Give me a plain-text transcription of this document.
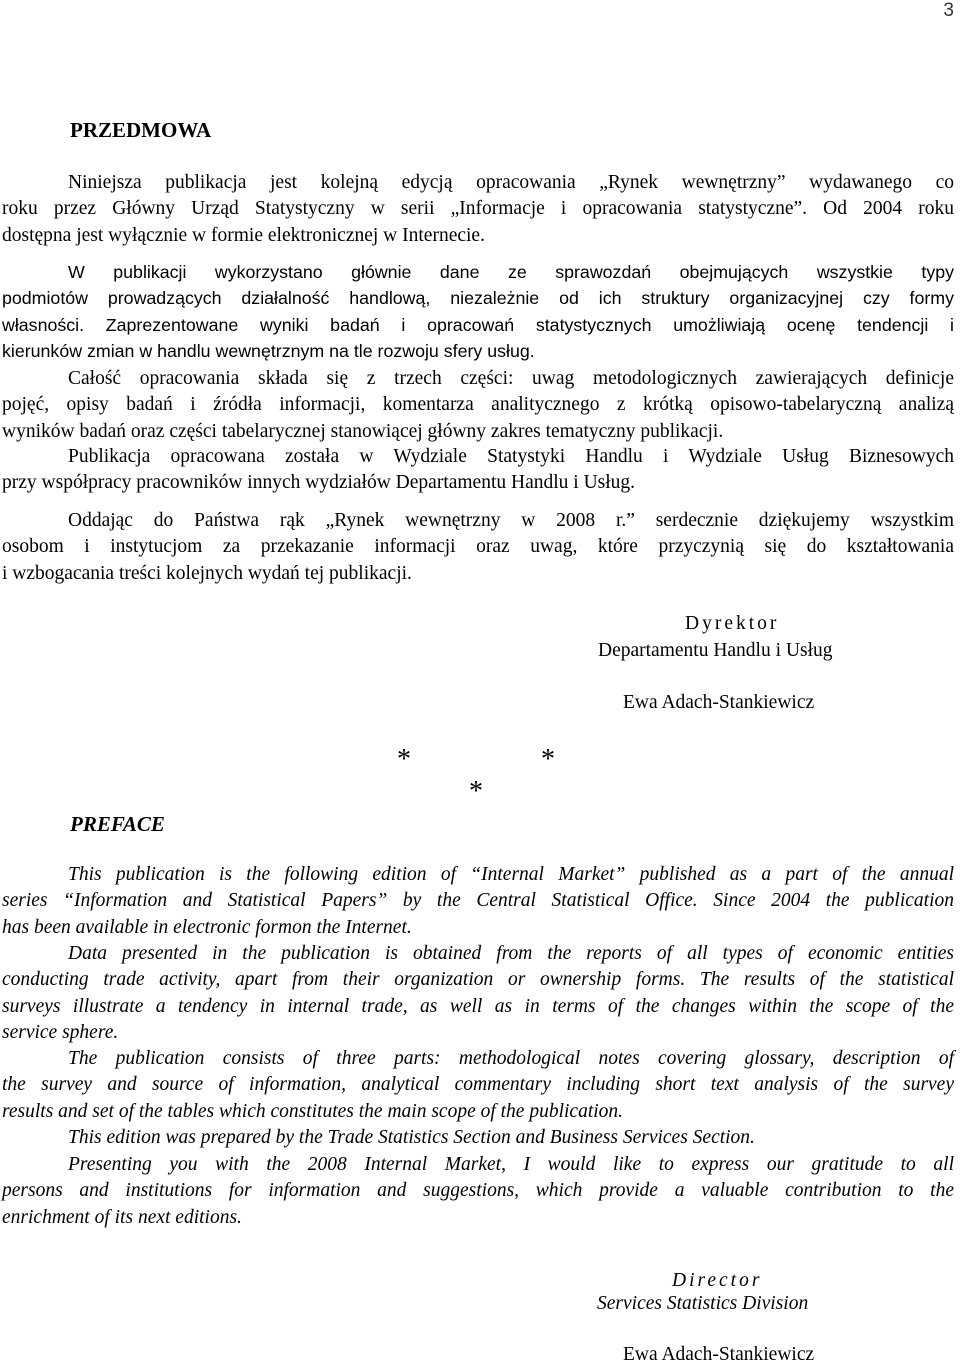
3
PRZEDMOWA

Niniejsza publikacja jest kolejną edycją opracowania „Rynek wewnętrzny” wydawanego co
roku przez Główny Urząd Statystyczny w serii „Informacje i opracowania statystyczne”. Od 2004 roku
dostępna jest wyłącznie w formie elektronicznej w Internecie.

W publikacji wykorzystano głównie dane ze sprawozdań obejmujących wszystkie typy
podmiotów prowadzących działalność handlową, niezależnie od ich struktury organizacyjnej czy formy
własności. Zaprezentowane wyniki badań i opracowań statystycznych umożliwiają ocenę tendencji i
kierunków zmian w handlu wewnętrznym na tle rozwoju sfery usług.

Całość opracowania składa się z trzech części: uwag metodologicznych zawierających definicje
pojęć, opisy badań i źródła informacji, komentarza analitycznego z krótką opisowo-tabelaryczną analizą
wyników badań oraz części tabelarycznej stanowiącej główny zakres tematyczny publikacji.

Publikacja opracowana została w Wydziale Statystyki Handlu i Wydziale Usług Biznesowych
przy współpracy pracowników innych wydziałów Departamentu Handlu i Usług.

Oddając do Państwa rąk „Rynek wewnętrzny w 2008 r.” serdecznie dziękujemy wszystkim
osobom i instytucjom za przekazanie informacji oraz uwag, które przyczynią się do kształtowania
i wzbogacania treści kolejnych wydań tej publikacji.

Dyrektor
Departamentu Handlu i Usług
Ewa Adach-Stankiewicz
*	*
*
PREFACE

This publication is the following edition of “Internal Market” published as a part of the annual
series “Information and Statistical Papers” by the Central Statistical Office. Since 2004 the publication
has been available in electronic formon the Internet.

Data presented in the publication is obtained from the reports of all types of economic entities
conducting trade activity, apart from their organization or ownership forms. The results of the statistical
surveys illustrate a tendency in internal trade, as well as in terms of the changes within the scope of the
service sphere.

The publication consists of three parts: methodological notes covering glossary, description of
the survey and source of information, analytical commentary including short text analysis of the survey
results and set of the tables which constitutes the main scope of the publication.

This edition was prepared by the Trade Statistics Section and Business Services Section.

Presenting you with the 2008 Internal Market, I would like to express our gratitude to all
persons and institutions for information and suggestions, which provide a valuable contribution to the
enrichment of its next editions.

Director
Services Statistics Division
Ewa Adach-Stankiewicz
